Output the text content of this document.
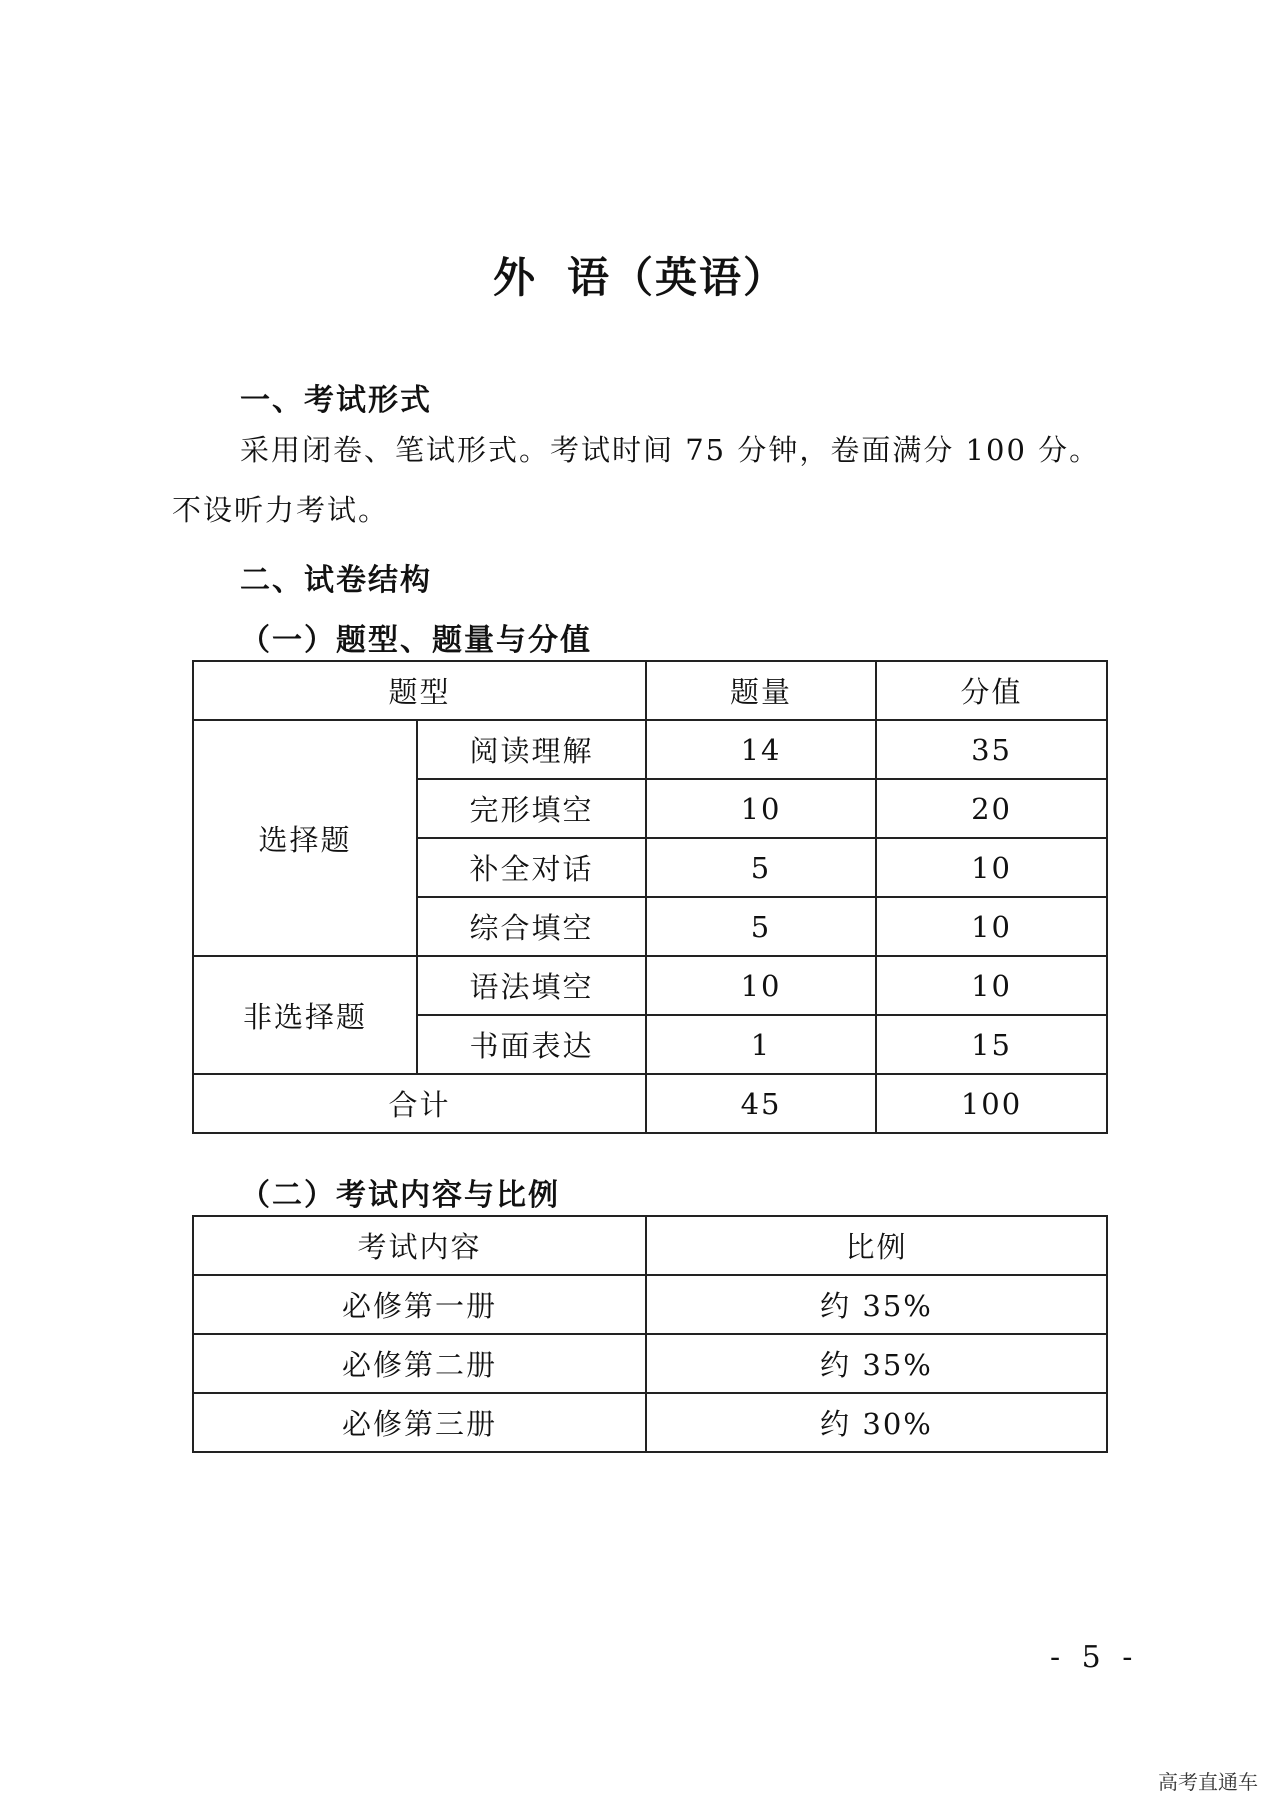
外 语（英语）
一、考试形式
采用闭卷、笔试形式。考试时间 75 分钟，卷面满分 100 分。
不设听力考试。
二、试卷结构
（一）题型、题量与分值
题型		题量	分值
选择题	阅读理解	14	35
	完形填空	10	20
	补全对话	5	10
	综合填空	5	10
非选择题	语法填空	10	10
	书面表达	1	15
合计		45	100
（二）考试内容与比例
考试内容	比例
必修第一册	约 35%
必修第二册	约 35%
必修第三册	约 30%
- 5 -
高考直通车
